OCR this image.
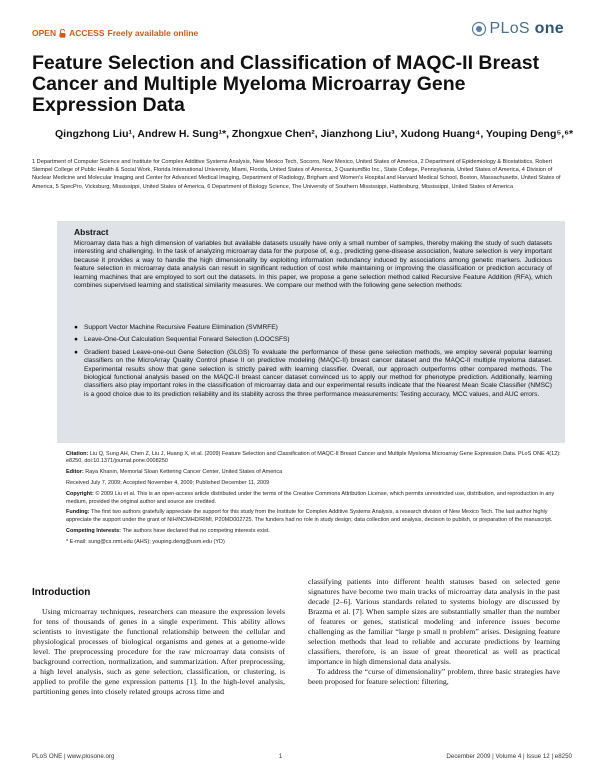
OPEN ACCESS Freely available online	PLoS one
Feature Selection and Classification of MAQC-II Breast Cancer and Multiple Myeloma Microarray Gene Expression Data
Qingzhong Liu¹, Andrew H. Sung¹*, Zhongxue Chen², Jianzhong Liu³, Xudong Huang⁴, Youping Deng⁵,⁶*
1 Department of Computer Science and Institute for Complex Additive Systems Analysis, New Mexico Tech, Socorro, New Mexico, United States of America, 2 Department of Epidemiology & Biostatistics, Robert Stempel College of Public Health & Social Work, Florida International University, Miami, Florida, United States of America, 3 QuantumBio Inc., State College, Pennsylvania, United States of America, 4 Division of Nuclear Medicine and Molecular Imaging and Center for Advanced Medical Imaging, Department of Radiology, Brigham and Women's Hospital and Harvard Medical School, Boston, Massachusetts, United States of America, 5 SpecPro, Vicksburg, Mississippi, United States of America, 6 Department of Biology Science, The University of Southern Mississippi, Hattiesburg, Mississippi, United States of America
Abstract
Microarray data has a high dimension of variables but available datasets usually have only a small number of samples, thereby making the study of such datasets interesting and challenging. In the task of analyzing microarray data for the purpose of, e.g., predicting gene-disease association, feature selection is very important because it provides a way to handle the high dimensionality by exploiting information redundancy induced by associations among genetic markers. Judicious feature selection in microarray data analysis can result in significant reduction of cost while maintaining or improving the classification or prediction accuracy of learning machines that are employed to sort out the datasets. In this paper, we propose a gene selection method called Recursive Feature Addition (RFA), which combines supervised learning and statistical similarity measures. We compare our method with the following gene selection methods:
● Support Vector Machine Recursive Feature Elimination (SVMRFE)
● Leave-One-Out Calculation Sequential Forward Selection (LOOCSFS)
● Gradient based Leave-one-out Gene Selection (GLGS) To evaluate the performance of these gene selection methods, we employ several popular learning classifiers on the MicroArray Quality Control phase II on predictive modeling (MAQC-II) breast cancer dataset and the MAQC-II multiple myeloma dataset. Experimental results show that gene selection is strictly paired with learning classifier. Overall, our approach outperforms other compared methods. The biological functional analysis based on the MAQC-II breast cancer dataset convinced us to apply our method for phenotype prediction. Additionally, learning classifiers also play important roles in the classification of microarray data and our experimental results indicate that the Nearest Mean Scale Classifier (NMSC) is a good choice due to its prediction reliability and its stability across the three performance measurements: Testing accuracy, MCC values, and AUC errors.

Citation: Liu Q, Sung AH, Chen Z, Liu J, Huang X, et al. (2009) Feature Selection and Classification of MAQC-II Breast Cancer and Multiple Myeloma Microarray Gene Expression Data. PLoS ONE 4(12): e8250. doi:10.1371/journal.pone.0008250

Editor: Raya Khanin, Memorial Sloan Kettering Cancer Center, United States of America

Received July 7, 2009; Accepted November 4, 2009; Published December 11, 2009

Copyright: © 2009 Liu et al. This is an open-access article distributed under the terms of the Creative Commons Attribution License, which permits unrestricted use, distribution, and reproduction in any medium, provided the original author and source are credited.

Funding: The first two authors gratefully appreciate the support for this study from the Institute for Complex Additive Systems Analysis, a research division of New Mexico Tech. The last author highly appreciate the support under the grant of NIH/NCMHD/RIMI, P20MD002725. The funders had no role in study design, data collection and analysis, decision to publish, or preparation of the manuscript.

Competing Interests: The authors have declared that no competing interests exist.

* E-mail: sung@cs.nmt.edu (AHS); youping.deng@usm.edu (YD)

Introduction

Using microarray techniques, researchers can measure the expression levels for tens of thousands of genes in a single experiment. This ability allows scientists to investigate the functional relationship between the cellular and physiological processes of biological organisms and genes at a genome-wide level. The preprocessing procedure for the raw microarray data consists of background correction, normalization, and summarization. After preprocessing, a high level analysis, such as gene selection, classification, or clustering, is applied to profile the gene expression patterns [1]. In the high-level analysis, partitioning genes into closely related groups across time and

classifying patients into different health statuses based on selected gene signatures have become two main tracks of microarray data analysis in the past decade [2–6]. Various standards related to systems biology are discussed by Brazma et al. [7]. When sample sizes are substantially smaller than the number of features or genes, statistical modeling and inference issues become challenging as the familiar “large p small n problem” arises. Designing feature selection methods that lead to reliable and accurate predictions by learning classifiers, therefore, is an issue of great theoretical as well as practical importance in high dimensional data analysis.

To address the “curse of dimensionality” problem, three basic strategies have been proposed for feature selection: filtering,

PLoS ONE | www.plosone.org	1	December 2009 | Volume 4 | Issue 12 | e8250
